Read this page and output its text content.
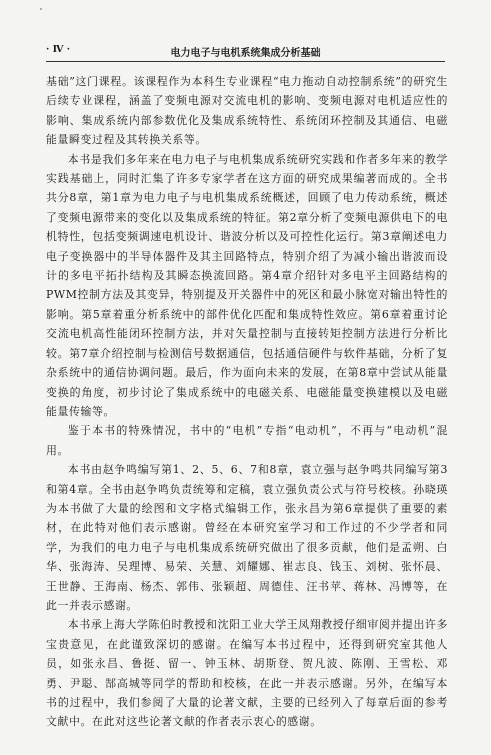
· Ⅳ ·	电力电子与电机系统集成分析基础

基础”这门课程。该课程作为本科生专业课程“电力拖动自动控制系统”的研究生后续专业课程，涵盖了变频电源对交流电机的影响、变频电源对电机适应性的影响、集成系统内部参数优化及集成系统特性、系统闭环控制及其通信、电磁能量瞬变过程及其转换关系等。

本书是我们多年来在电力电子与电机集成系统研究实践和作者多年来的教学实践基础上，同时汇集了许多专家学者在这方面的研究成果编著而成的。全书共分8章，第1章为电力电子与电机集成系统概述，回顾了电力传动系统，概述了变频电源带来的变化以及集成系统的特征。第2章分析了变频电源供电下的电机特性，包括变频调速电机设计、谐波分析以及可控性化运行。第3章阐述电力电子变换器中的半导体器件及其主回路特点，特别介绍了为减小输出谐波而设计的多电平拓扑结构及其瞬态换流回路。第4章介绍针对多电平主回路结构的PWM控制方法及其变异，特别提及开关器件中的死区和最小脉宽对输出特性的影响。第5章着重分析系统中的部件优化匹配和集成特性效应。第6章着重讨论交流电机高性能闭环控制方法，并对矢量控制与直接转矩控制方法进行分析比较。第7章介绍控制与检测信号数据通信，包括通信硬件与软件基础，分析了复杂系统中的通信协调问题。最后，作为面向未来的发展，在第8章中尝试从能量变换的角度，初步讨论了集成系统中的电磁关系、电磁能量变换建模以及电磁能量传输等。

鉴于本书的特殊情况，书中的“电机”专指“电动机”，不再与“电动机”混用。

本书由赵争鸣编写第1、2、5、6、7和8章，袁立强与赵争鸣共同编写第3和第4章。全书由赵争鸣负责统筹和定稿，袁立强负责公式与符号校核。孙晓瑛为本书做了大量的绘图和文字格式编辑工作，张永昌为第6章提供了重要的素材，在此特对他们表示感谢。曾经在本研究室学习和工作过的不少学者和同学，为我们的电力电子与电机集成系统研究做出了很多贡献，他们是孟朔、白华、张海涛、吴理博、易荣、关慧、刘耀娜、崔志良、钱玉、刘树、张怀晨、王世静、王海南、杨杰、郭伟、张颖超、周德佳、汪书苹、蒋林、冯博等，在此一并表示感谢。

本书承上海大学陈伯时教授和沈阳工业大学王凤翔教授仔细审阅并提出许多宝贵意见，在此谨致深切的感谢。在编写本书过程中，还得到研究室其他人员，如张永昌、鲁挺、留一、钟玉林、胡斯登、贺凡波、陈刚、王雪松、邓勇、尹聪、郜高城等同学的帮助和校核，在此一并表示感谢。另外，在编写本书的过程中，我们参阅了大量的论著文献，主要的已经列入了每章后面的参考文献中。在此对这些论著文献的作者表示衷心的感谢。
